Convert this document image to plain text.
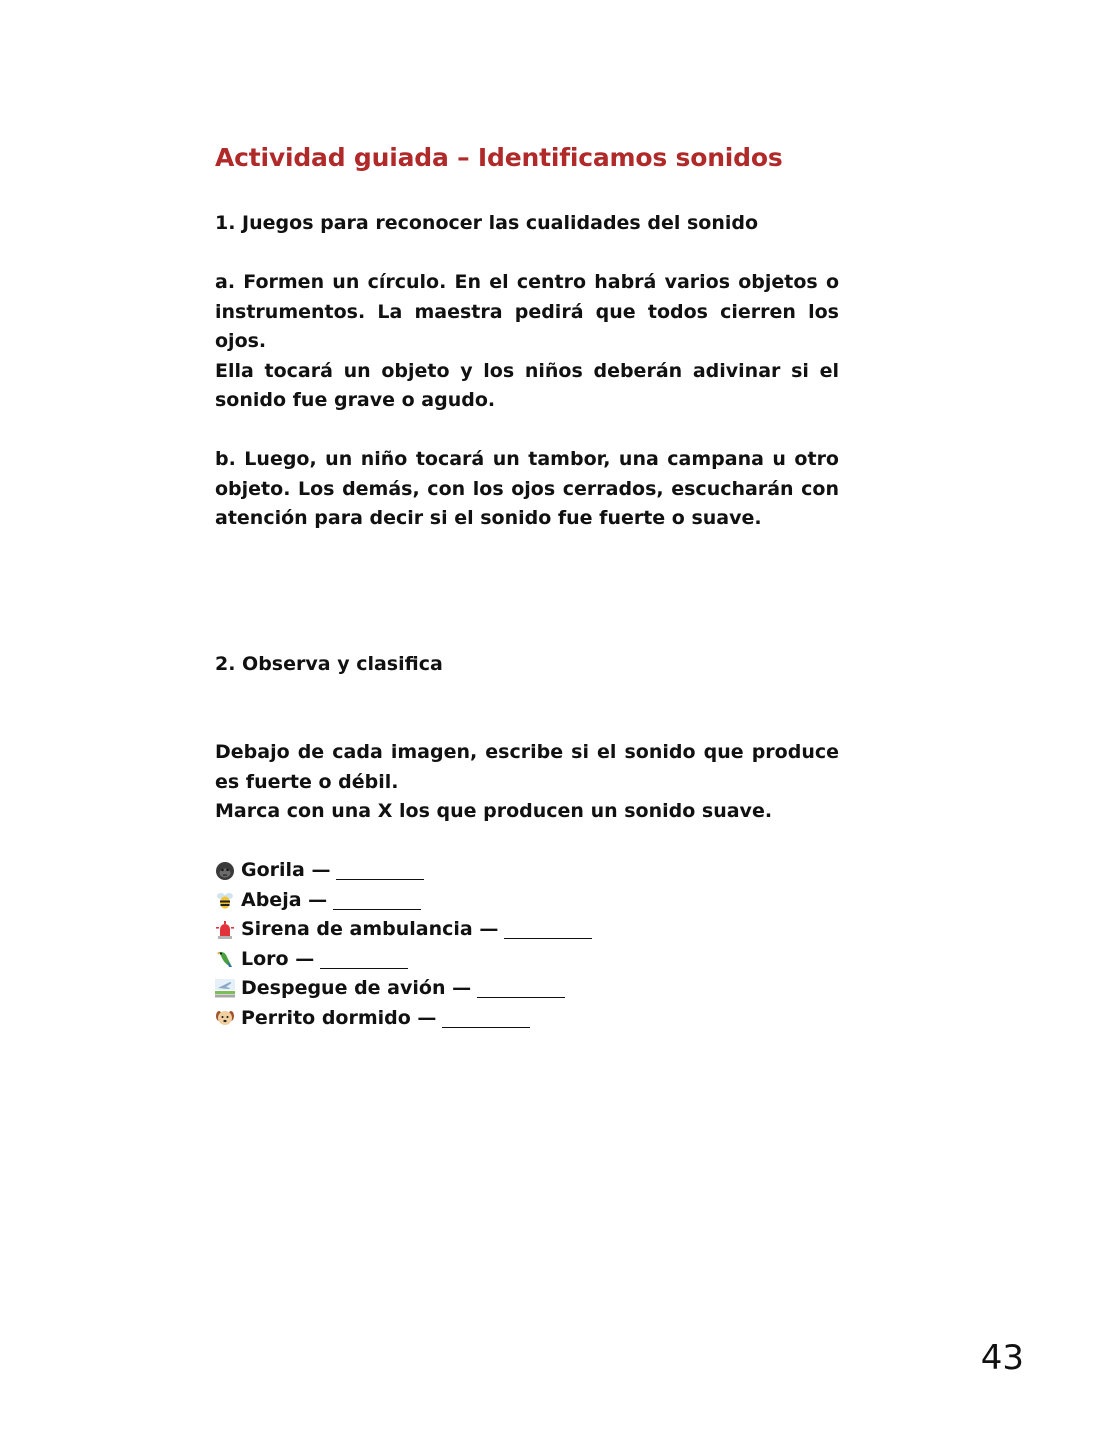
Actividad guiada – Identificamos sonidos
1. Juegos para reconocer las cualidades del sonido
a. Formen un círculo. En el centro habrá varios objetos o instrumentos. La maestra pedirá que todos cierren los ojos.
Ella tocará un objeto y los niños deberán adivinar si el sonido fue grave o agudo.
b. Luego, un niño tocará un tambor, una campana u otro objeto. Los demás, con los ojos cerrados, escucharán con atención para decir si el sonido fue fuerte o suave.
2. Observa y clasifica
Debajo de cada imagen, escribe si el sonido que produce es fuerte o débil.
Marca con una X los que producen un sonido suave.
Gorila —
Abeja —
Sirena de ambulancia —
Loro —
Despegue de avión —
Perrito dormido —
43
